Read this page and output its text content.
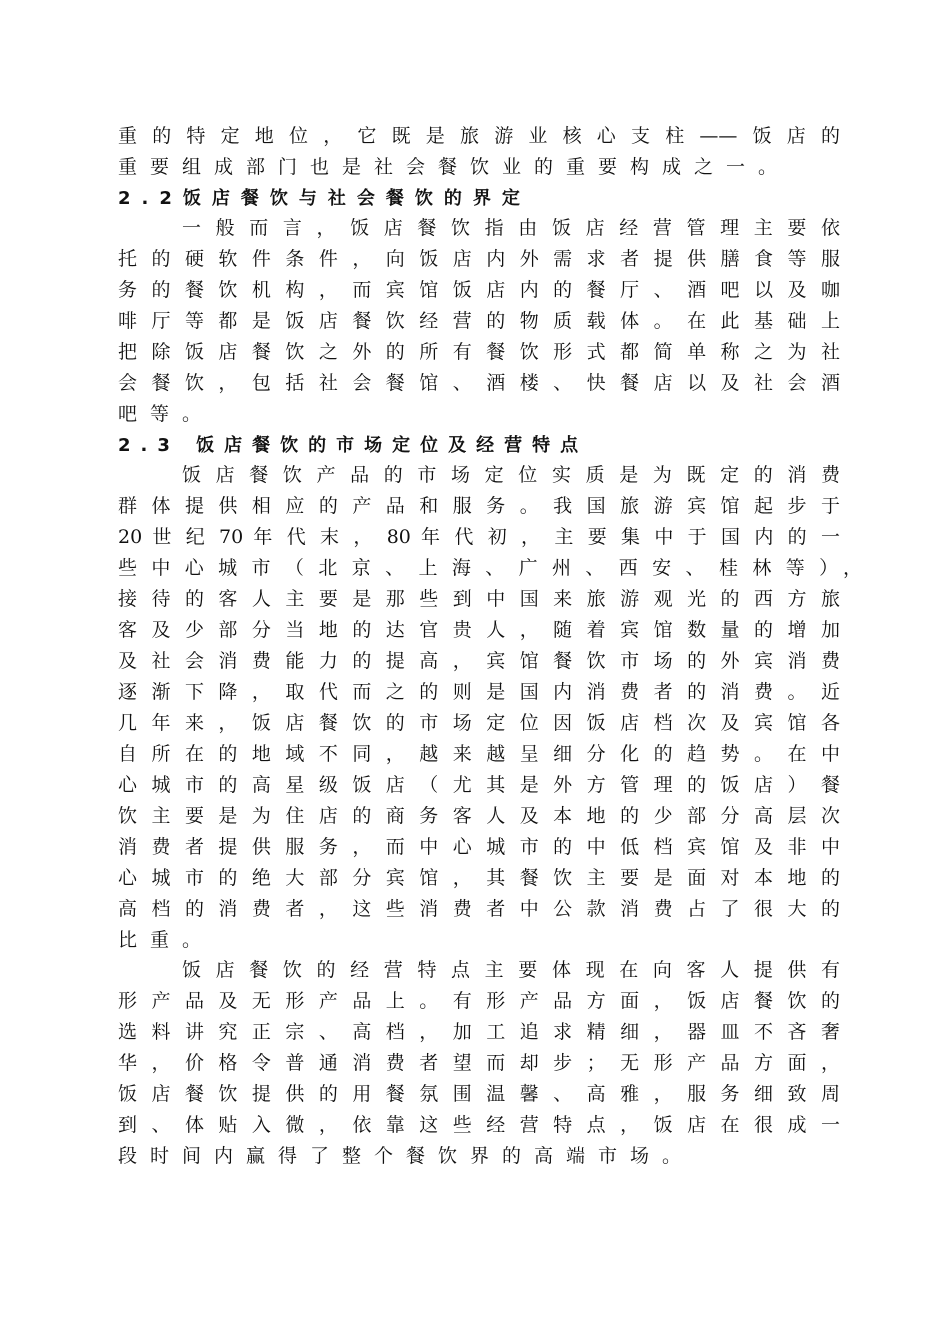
重的特定地位，它既是旅游业核心支柱——饭店的

重要组成部门也是社会餐饮业的重要构成之一。

2.2饭店餐饮与社会餐饮的界定

一般而言，饭店餐饮指由饭店经营管理主要依

托的硬软件条件，向饭店内外需求者提供膳食等服

务的餐饮机构，而宾馆饭店内的餐厅、酒吧以及咖

啡厅等都是饭店餐饮经营的物质载体。在此基础上

把除饭店餐饮之外的所有餐饮形式都简单称之为社

会餐饮，包括社会餐馆、酒楼、快餐店以及社会酒

吧等。

2.3 饭店餐饮的市场定位及经营特点

饭店餐饮产品的市场定位实质是为既定的消费

群体提供相应的产品和服务。我国旅游宾馆起步于

20 世 纪 70 年 代 末 ， 80 年 代 初 ， 主 要 集 中 于 国 内 的 一

些中心城市（北京、上海、广州、西安、桂林等），

接待的客人主要是那些到中国来旅游观光的西方旅

客及少部分当地的达官贵人，随着宾馆数量的增加

及社会消费能力的提高，宾馆餐饮市场的外宾消费

逐渐下降，取代而之的则是国内消费者的消费。近

几年来，饭店餐饮的市场定位因饭店档次及宾馆各

自所在的地域不同，越来越呈细分化的趋势。在中

心城市的高星级饭店（尤其是外方管理的饭店）餐

饮主要是为住店的商务客人及本地的少部分高层次

消费者提供服务，而中心城市的中低档宾馆及非中

心城市的绝大部分宾馆，其餐饮主要是面对本地的

高档的消费者，这些消费者中公款消费占了很大的

比重。

饭店餐饮的经营特点主要体现在向客人提供有

形产品及无形产品上。有形产品方面，饭店餐饮的

选料讲究正宗、高档，加工追求精细，器皿不吝奢

华，价格令普通消费者望而却步；无形产品方面，

饭店餐饮提供的用餐氛围温馨、高雅，服务细致周

到、体贴入微，依靠这些经营特点，饭店在很成一

段时间内赢得了整个餐饮界的高端市场。
